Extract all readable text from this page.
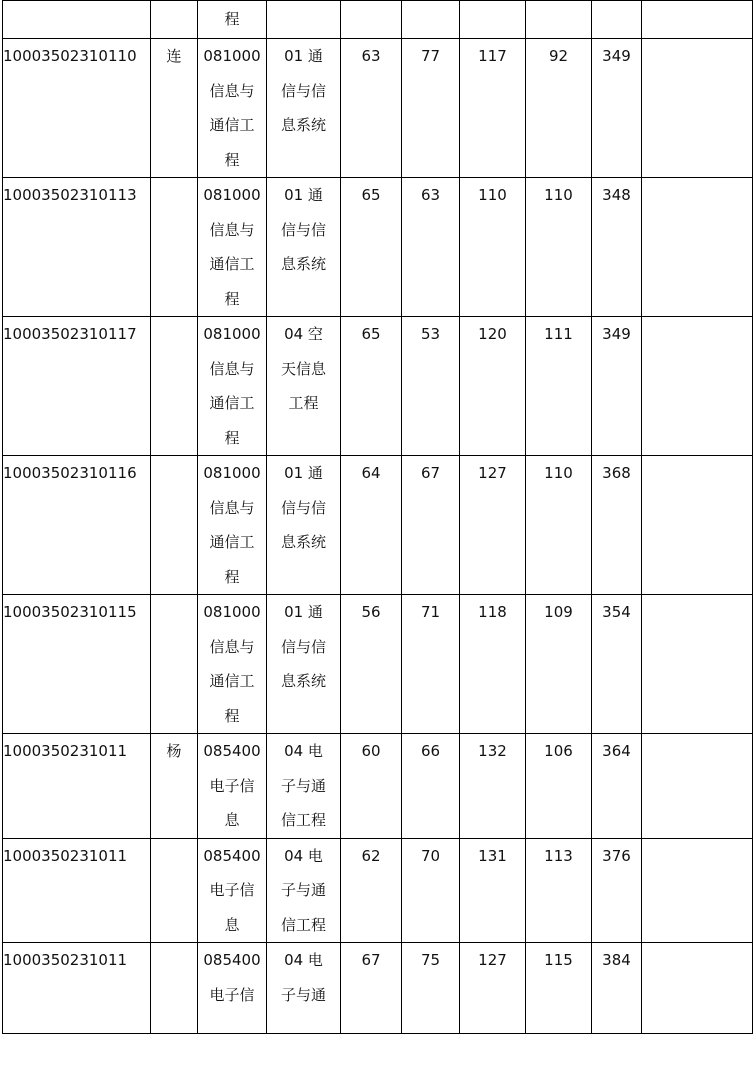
		程							

10003502310110	连	081000
信息与
通信工
程	01 通
信与信
息系统	63	77	117	92	349	
10003502310113		081000
信息与
通信工
程	01 通
信与信
息系统	65	63	110	110	348	
10003502310117		081000
信息与
通信工
程	04 空
天信息
工程	65	53	120	111	349	
10003502310116		081000
信息与
通信工
程	01 通
信与信
息系统	64	67	127	110	368	
10003502310115		081000
信息与
通信工
程	01 通
信与信
息系统	56	71	118	109	354	
1000350231011	杨	085400
电子信
息	04 电
子与通
信工程	60	66	132	106	364	
1000350231011		085400
电子信
息	04 电
子与通
信工程	62	70	131	113	376	
1000350231011		085400
电子信	04 电
子与通	67	75	127	115	384	
